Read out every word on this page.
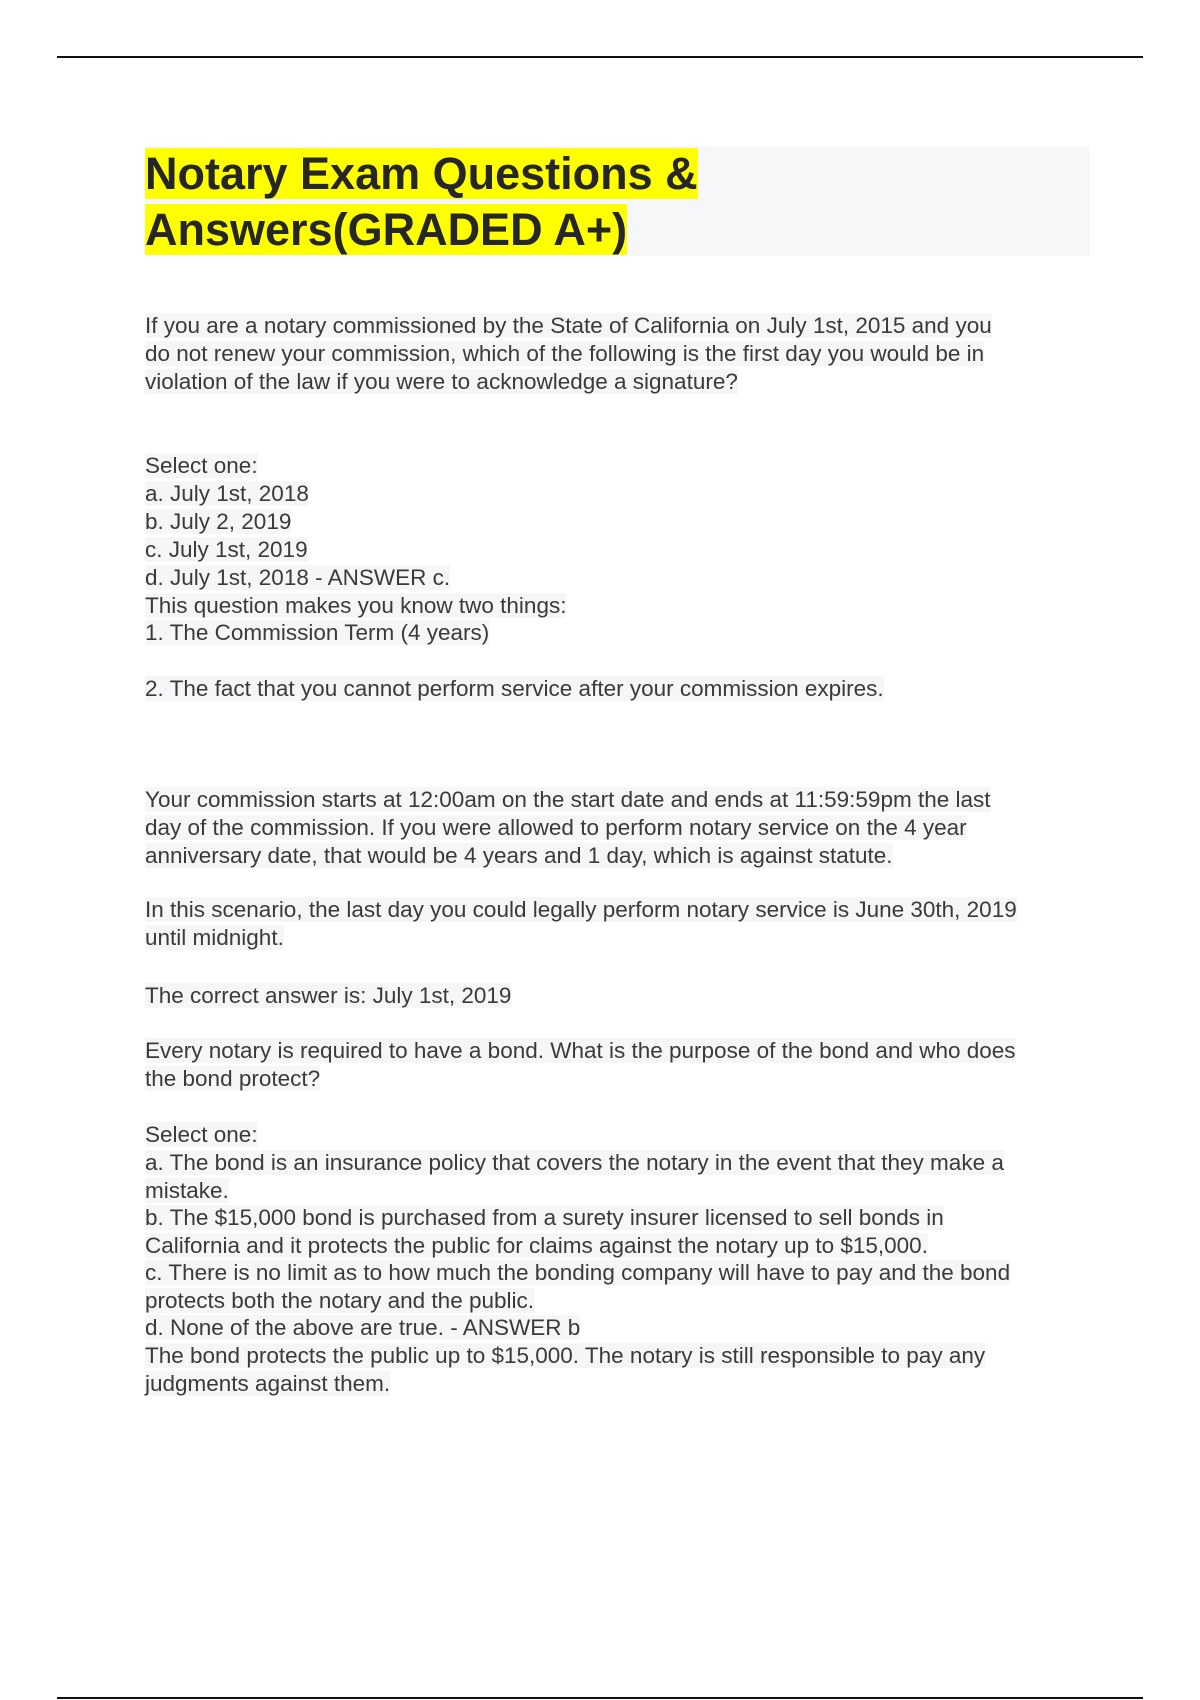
Notary Exam Questions &
Answers(GRADED A+)

If you are a notary commissioned by the State of California on July 1st, 2015 and you
do not renew your commission, which of the following is the first day you would be in
violation of the law if you were to acknowledge a signature?

Select one:

a. July 1st, 2018

b. July 2, 2019

c. July 1st, 2019

d. July 1st, 2018 - ANSWER c.

This question makes you know two things:

1. The Commission Term (4 years)

2. The fact that you cannot perform service after your commission expires.

Your commission starts at 12:00am on the start date and ends at 11:59:59pm the last
day of the commission. If you were allowed to perform notary service on the 4 year
anniversary date, that would be 4 years and 1 day, which is against statute.

In this scenario, the last day you could legally perform notary service is June 30th, 2019
until midnight.

The correct answer is: July 1st, 2019

Every notary is required to have a bond. What is the purpose of the bond and who does
the bond protect?

Select one:

a. The bond is an insurance policy that covers the notary in the event that they make a
mistake.

b. The $15,000 bond is purchased from a surety insurer licensed to sell bonds in
California and it protects the public for claims against the notary up to $15,000.

c. There is no limit as to how much the bonding company will have to pay and the bond
protects both the notary and the public.

d. None of the above are true. - ANSWER b

The bond protects the public up to $15,000. The notary is still responsible to pay any
judgments against them.
